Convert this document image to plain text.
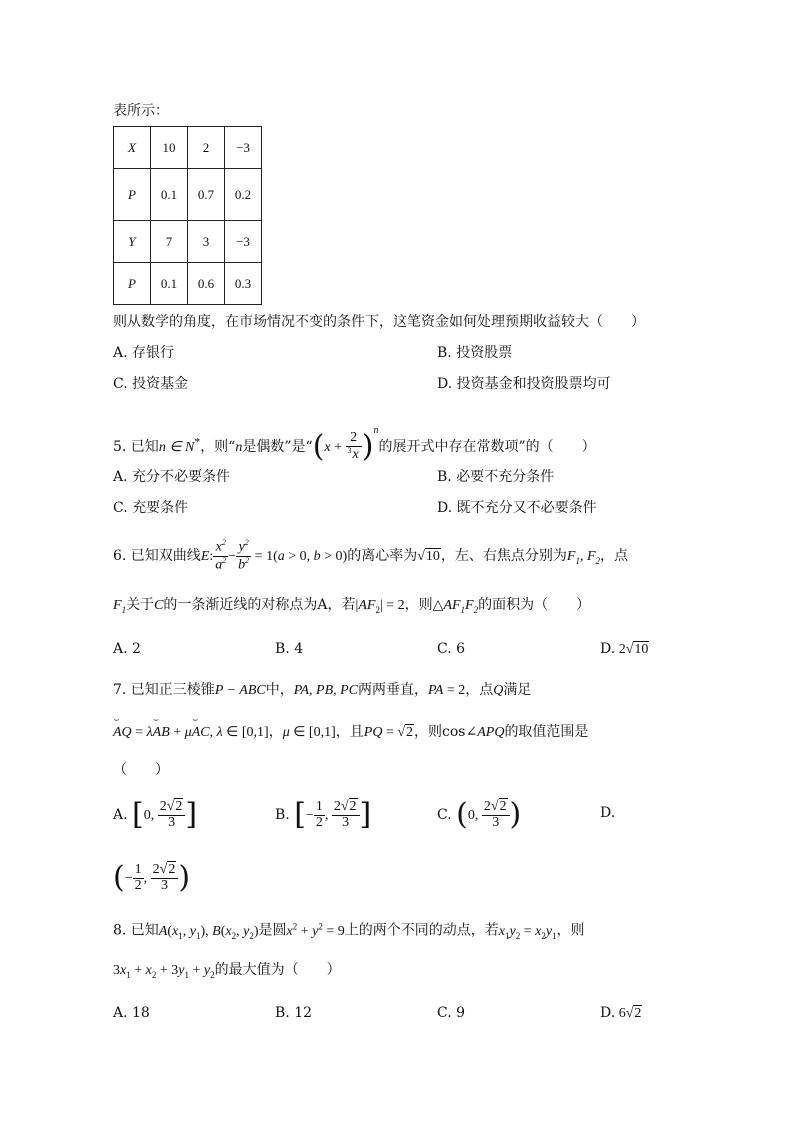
表所示：
X	10	2	−3
P	0.1	0.7	0.2
Y	7	3	−3
P	0.1	0.6	0.3
则从数学的角度，在市场情况不变的条件下，这笔资金如何处理预期收益较大（　　）
A. 存银行	B. 投资股票
C. 投资基金	D. 投资基金和投资股票均可
5. 已知n ∈ N*，则“n是偶数”是“$(x + \frac{2}{^3x} )^n$的展开式中存在常数项”的（　　）
A. 充分不必要条件	B. 必要不充分条件
C. 充要条件	D. 既不充分又不必要条件
6. 已知双曲线E: $\frac{x^2}{a^2} - \frac{y^2}{b^2} = 1(a > 0$, b > 0)的离心率为√10，左、右焦点分别为$F_1$, $F_2$，点
$F_1$关于C的一条渐近线的对称点为A，若$|AF_2| = 2$，则$\triangle AF_1F_2$的面积为（　　）
A. 2	B. 4	C. 6	D. 2√10
7. 已知正三棱锥P − ABC中，PA, PB, PC两两垂直，PA = 2，点Q满足
⌣ AQ = λ⌣ AB + μ⌣ AC, λ ∈ [0,1]，μ ∈ [0,1]，且PQ = √2，则cos∠APQ的取值范围是
（　　）
A. [0, $\frac{2√2}{3}$ ]	B. [− $\frac{1}{2}$ , $\frac{2√2}{3}$ ]	C. (0, $\frac{2√2}{3}$ )	D.
(− $\frac{1}{2}$ , $\frac{2√2}{3}$ )
8. 已知$A(x_1$, $y_1$), $B(x_2$, $y_2$)是圆$x^2 + y^2 = 9$上的两个不同的动点，若$x_1y_2 = x_2y_1$，则
$3x_1 + x_2 + 3y_1 + y_2$的最大值为（　　）
A. 18	B. 12	C. 9	D. 6√2
